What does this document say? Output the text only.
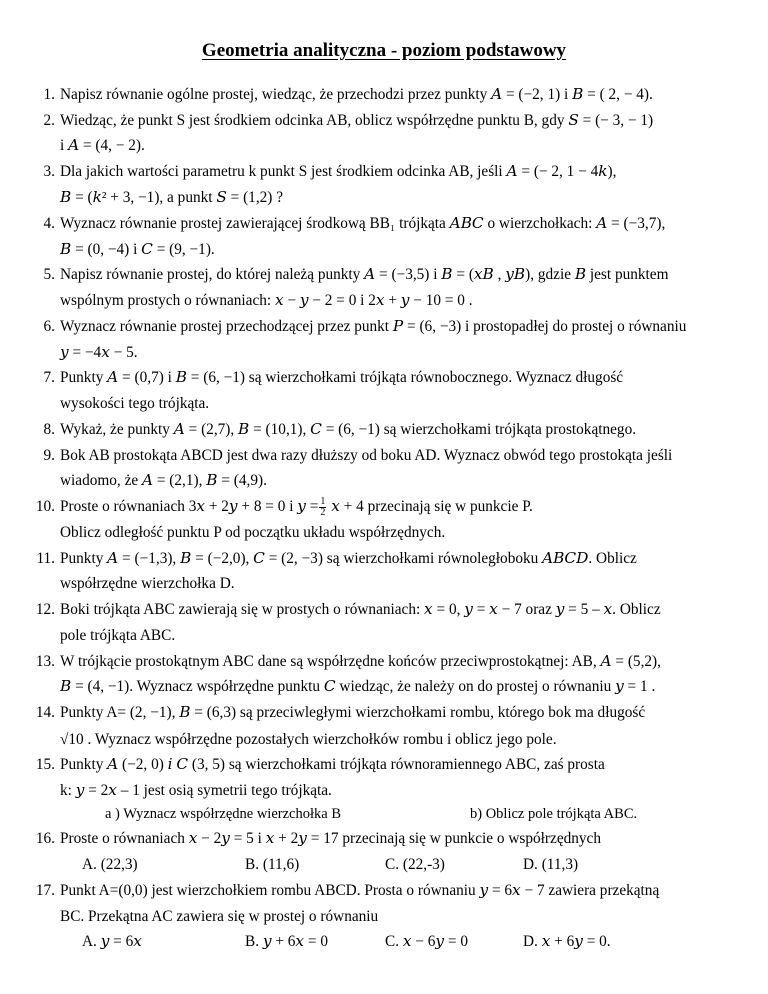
Geometria analityczna - poziom podstawowy
1. Napisz równanie ogólne prostej, wiedząc, że przechodzi przez punkty 𝐴 = (−2, 1) i 𝐵 = ( 2, − 4).
2. Wiedząc, że punkt S jest środkiem odcinka AB, oblicz współrzędne punktu B, gdy 𝑆 = (− 3, − 1)
i 𝐴 = (4, − 2).
3. Dla jakich wartości parametru k punkt S jest środkiem odcinka AB, jeśli 𝐴 = (− 2, 1 − 4𝑘),
𝐵 = (𝑘² + 3, −1), a punkt 𝑆 = (1,2) ?
4. Wyznacz równanie prostej zawierającej środkową BB₁ trójkąta 𝐴𝐵𝐶 o wierzchołkach: 𝐴 = (−3,7),
𝐵 = (0, −4) i 𝐶 = (9, −1).
5. Napisz równanie prostej, do której należą punkty 𝐴 = (−3,5) i 𝐵 = (𝑥𝐵 , 𝑦𝐵), gdzie 𝐵 jest punktem
wspólnym prostych o równaniach: 𝑥 − 𝑦 − 2 = 0 i 2𝑥 + 𝑦 − 10 = 0 .
6. Wyznacz równanie prostej przechodzącej przez punkt 𝑃 = (6, −3) i prostopadłej do prostej o równaniu
𝑦 = −4𝑥 − 5.
7. Punkty 𝐴 = (0,7) i 𝐵 = (6, −1) są wierzchołkami trójkąta równobocznego. Wyznacz długość
wysokości tego trójkąta.
8. Wykaż, że punkty 𝐴 = (2,7), 𝐵 = (10,1), 𝐶 = (6, −1) są wierzchołkami trójkąta prostokątnego.
9. Bok AB prostokąta ABCD jest dwa razy dłuższy od boku AD. Wyznacz obwód tego prostokąta jeśli
wiadomo, że 𝐴 = (2,1), 𝐵 = (4,9).
10. Proste o równaniach 3𝑥 + 2𝑦 + 8 = 0 i 𝑦 = $\frac{1}{2}$ 𝑥 + 4 przecinają się w punkcie P.
Oblicz odległość punktu P od początku układu współrzędnych.
11. Punkty 𝐴 = (−1,3), 𝐵 = (−2,0), 𝐶 = (2, −3) są wierzchołkami równoległoboku 𝐴𝐵𝐶𝐷. Oblicz
współrzędne wierzchołka D.
12. Boki trójkąta ABC zawierają się w prostych o równaniach: 𝑥 = 0, 𝑦 = 𝑥 − 7 oraz 𝑦 = 5 – 𝑥. Oblicz
pole trójkąta ABC.
13. W trójkącie prostokątnym ABC dane są współrzędne końców przeciwprostokątnej: AB, 𝐴 = (5,2),
𝐵 = (4, −1). Wyznacz współrzędne punktu 𝐶 wiedząc, że należy on do prostej o równaniu 𝑦 = 1 .
14. Punkty A= (2, −1), 𝐵 = (6,3) są przeciwległymi wierzchołkami rombu, którego bok ma długość
√10 . Wyznacz współrzędne pozostałych wierzchołków rombu i oblicz jego pole.
15. Punkty 𝐴 (−2, 0) 𝑖 𝐶 (3, 5) są wierzchołkami trójkąta równoramiennego ABC, zaś prosta
k: 𝑦 = 2𝑥 – 1 jest osią symetrii tego trójkąta.
a ) Wyznacz współrzędne wierzchołka B	b) Oblicz pole trójkąta ABC.
16. Proste o równaniach 𝑥 − 2𝑦 = 5 i 𝑥 + 2𝑦 = 17 przecinają się w punkcie o współrzędnych
A. (22,3)	B. (11,6)	C. (22,-3)	D. (11,3)
17. Punkt A=(0,0) jest wierzchołkiem rombu ABCD. Prosta o równaniu 𝑦 = 6𝑥 − 7 zawiera przekątną
BC. Przekątna AC zawiera się w prostej o równaniu
A. 𝑦 = 6𝑥	B. 𝑦 + 6𝑥 = 0	C. 𝑥 − 6𝑦 = 0	D. 𝑥 + 6𝑦 = 0.
